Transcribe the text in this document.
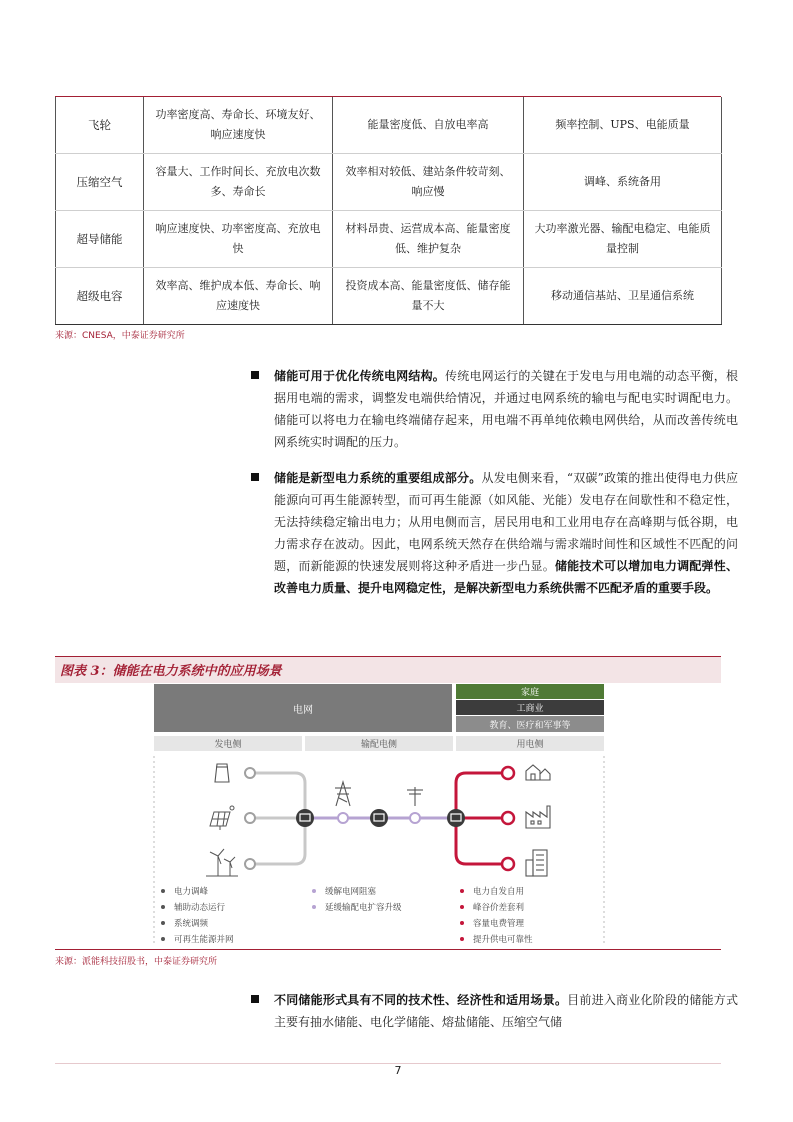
飞轮	功率密度高、寿命长、环境友好、响应速度快	能量密度低、自放电率高	频率控制、UPS、电能质量
压缩空气	容量大、工作时间长、充放电次数多、寿命长	效率相对较低、建站条件较苛刻、响应慢	调峰、系统备用
超导储能	响应速度快、功率密度高、充放电快	材料昂贵、运营成本高、能量密度低、维护复杂	大功率激光器、输配电稳定、电能质量控制
超级电容	效率高、维护成本低、寿命长、响应速度快	投资成本高、能量密度低、储存能量不大	移动通信基站、卫星通信系统
来源：CNESA，中泰证券研究所
储能可用于优化传统电网结构。传统电网运行的关键在于发电与用电端的动态平衡，根据用电端的需求，调整发电端供给情况，并通过电网系统的输电与配电实时调配电力。储能可以将电力在输电终端储存起来，用电端不再单纯依赖电网供给，从而改善传统电网系统实时调配的压力。
储能是新型电力系统的重要组成部分。从发电侧来看，“双碳”政策的推出使得电力供应能源向可再生能源转型，而可再生能源（如风能、光能）发电存在间歇性和不稳定性，无法持续稳定输出电力；从用电侧而言，居民用电和工业用电存在高峰期与低谷期，电力需求存在波动。因此，电网系统天然存在供给端与需求端时间性和区域性不匹配的问题，而新能源的快速发展则将这种矛盾进一步凸显。储能技术可以增加电力调配弹性、改善电力质量、提升电网稳定性，是解决新型电力系统供需不匹配矛盾的重要手段。
图表 3：储能在电力系统中的应用场景
电网
家庭
工商业
教育、医疗和军事等
发电侧	输配电侧	用电侧
电力调峰
辅助动态运行
系统调频
可再生能源并网
缓解电网阻塞
延缓输配电扩容升级
电力自发自用
峰谷价差套利
容量电费管理
提升供电可靠性
来源：派能科技招股书，中泰证券研究所
不同储能形式具有不同的技术性、经济性和适用场景。目前进入商业化阶段的储能方式主要有抽水储能、电化学储能、熔盐储能、压缩空气储
7
